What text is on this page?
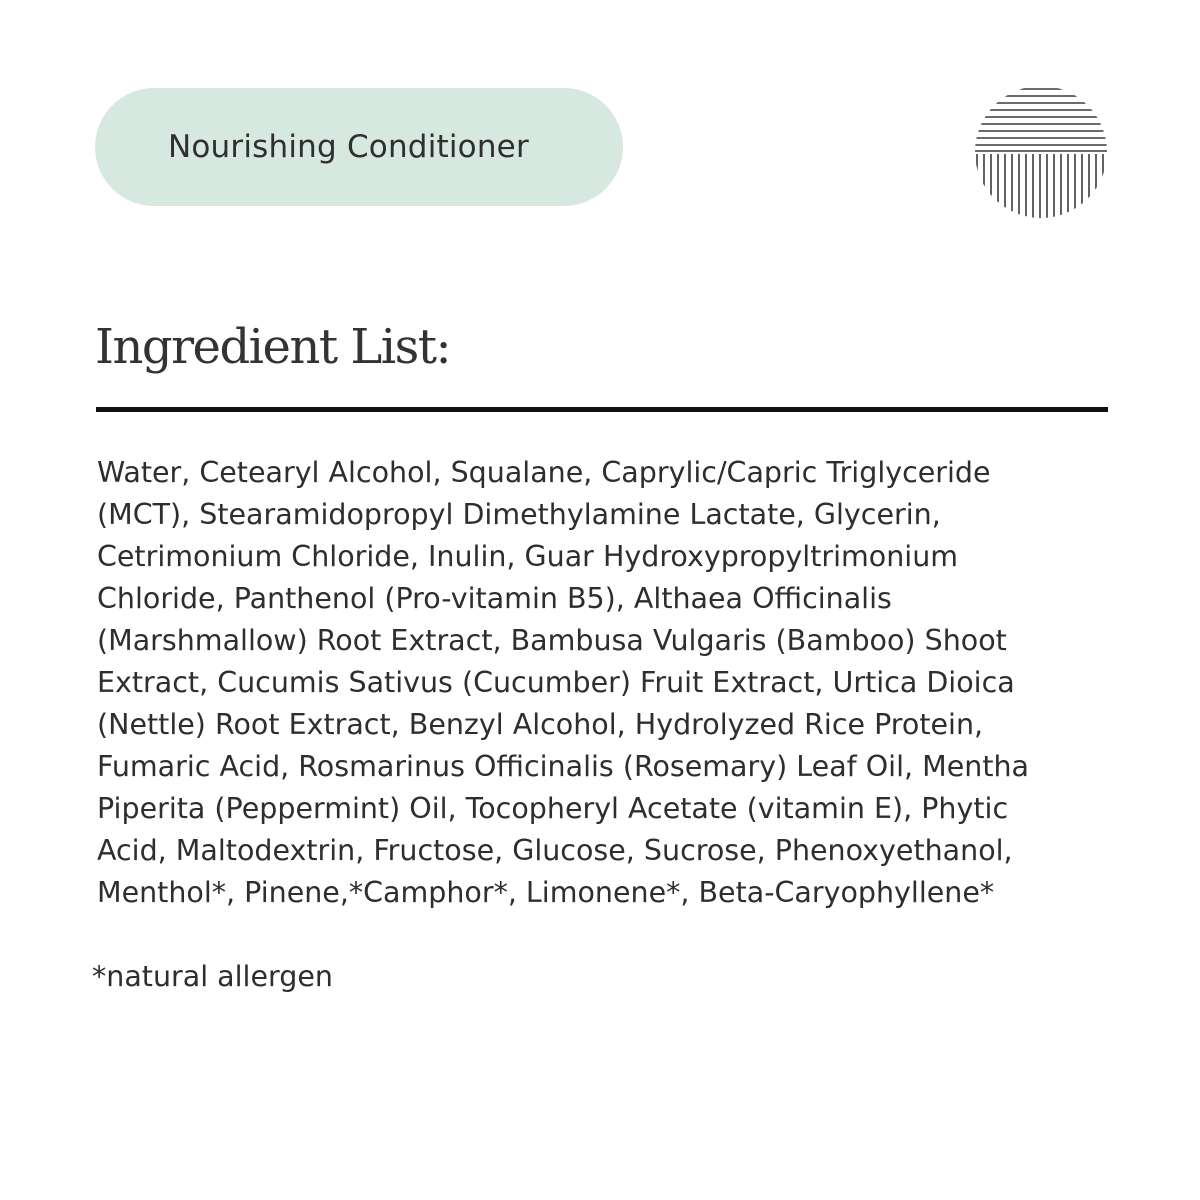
Nourishing Conditioner
Ingredient List:

Water, Cetearyl Alcohol, Squalane, Caprylic/Capric Triglyceride
(MCT), Stearamidopropyl Dimethylamine Lactate, Glycerin,
Cetrimonium Chloride, Inulin, Guar Hydroxypropyltrimonium
Chloride, Panthenol (Pro-vitamin B5), Althaea Officinalis
(Marshmallow) Root Extract, Bambusa Vulgaris (Bamboo) Shoot
Extract, Cucumis Sativus (Cucumber) Fruit Extract, Urtica Dioica
(Nettle) Root Extract, Benzyl Alcohol, Hydrolyzed Rice Protein,
Fumaric Acid, Rosmarinus Officinalis (Rosemary) Leaf Oil, Mentha
Piperita (Peppermint) Oil, Tocopheryl Acetate (vitamin E), Phytic
Acid, Maltodextrin, Fructose, Glucose, Sucrose, Phenoxyethanol,
Menthol*, Pinene,*Camphor*, Limonene*, Beta-Caryophyllene*

*natural allergen
